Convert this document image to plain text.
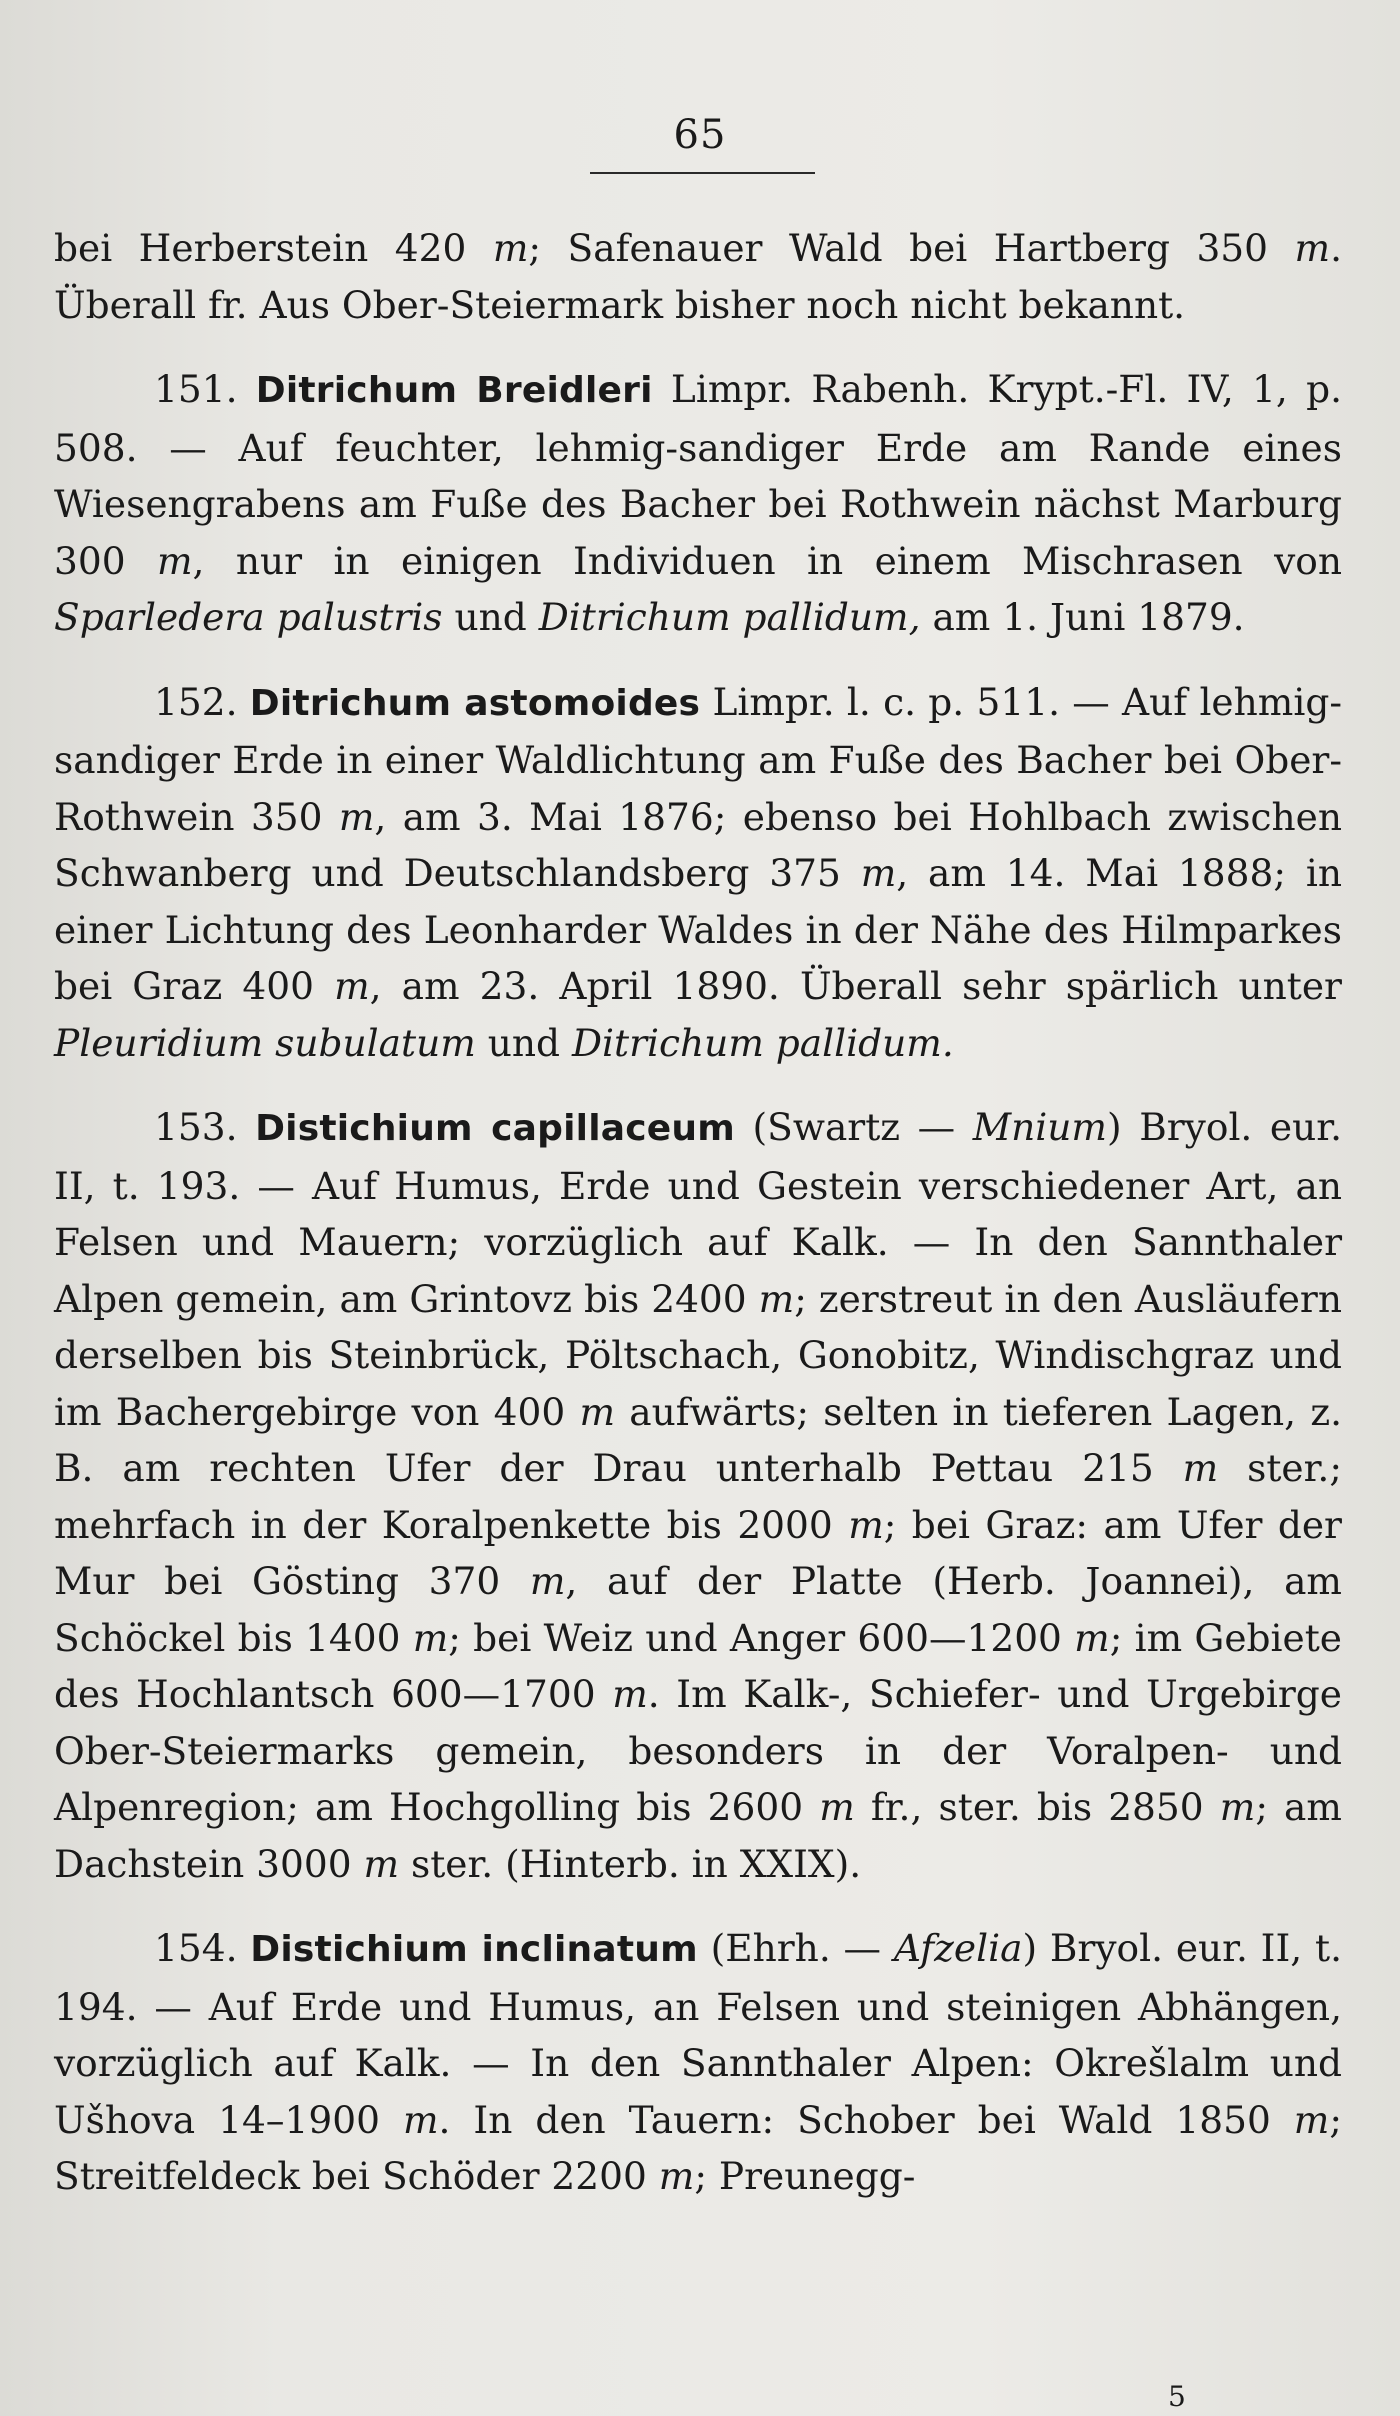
65

bei Herberstein 420 m; Safenauer Wald bei Hartberg 350 m. Überall fr. Aus Ober-Steiermark bisher noch nicht bekannt.

151. Ditrichum Breidleri Limpr. Rabenh. Krypt.-Fl. IV, 1, p. 508. — Auf feuchter, lehmig-sandiger Erde am Rande eines Wiesengrabens am Fuße des Bacher bei Rothwein nächst Marburg 300 m, nur in einigen Individuen in einem Mischrasen von Sparledera palustris und Ditrichum pallidum, am 1. Juni 1879.

152. Ditrichum astomoides Limpr. l. c. p. 511. — Auf lehmig-sandiger Erde in einer Waldlichtung am Fuße des Bacher bei Ober-Rothwein 350 m, am 3. Mai 1876; ebenso bei Hohlbach zwischen Schwanberg und Deutschlandsberg 375 m, am 14. Mai 1888; in einer Lichtung des Leonharder Waldes in der Nähe des Hilmparkes bei Graz 400 m, am 23. April 1890. Überall sehr spärlich unter Pleuridium subulatum und Ditrichum pallidum.

153. Distichium capillaceum (Swartz — Mnium) Bryol. eur. II, t. 193. — Auf Humus, Erde und Gestein verschiedener Art, an Felsen und Mauern; vorzüglich auf Kalk. — In den Sannthaler Alpen gemein, am Grintovz bis 2400 m; zerstreut in den Ausläufern derselben bis Steinbrück, Pöltschach, Gonobitz, Windischgraz und im Bachergebirge von 400 m aufwärts; selten in tieferen Lagen, z. B. am rechten Ufer der Drau unterhalb Pettau 215 m ster.; mehrfach in der Koralpenkette bis 2000 m; bei Graz: am Ufer der Mur bei Gösting 370 m, auf der Platte (Herb. Joannei), am Schöckel bis 1400 m; bei Weiz und Anger 600—1200 m; im Gebiete des Hochlantsch 600—1700 m. Im Kalk-, Schiefer- und Urgebirge Ober-Steiermarks gemein, besonders in der Voralpen- und Alpenregion; am Hochgolling bis 2600 m fr., ster. bis 2850 m; am Dachstein 3000 m ster. (Hinterb. in XXIX).

154. Distichium inclinatum (Ehrh. — Afzelia) Bryol. eur. II, t. 194. — Auf Erde und Humus, an Felsen und steinigen Abhängen, vorzüglich auf Kalk. — In den Sannthaler Alpen: Okrešlalm und Ušhova 14–1900 m. In den Tauern: Schober bei Wald 1850 m; Streitfeldeck bei Schöder 2200 m; Preunegg-

5
